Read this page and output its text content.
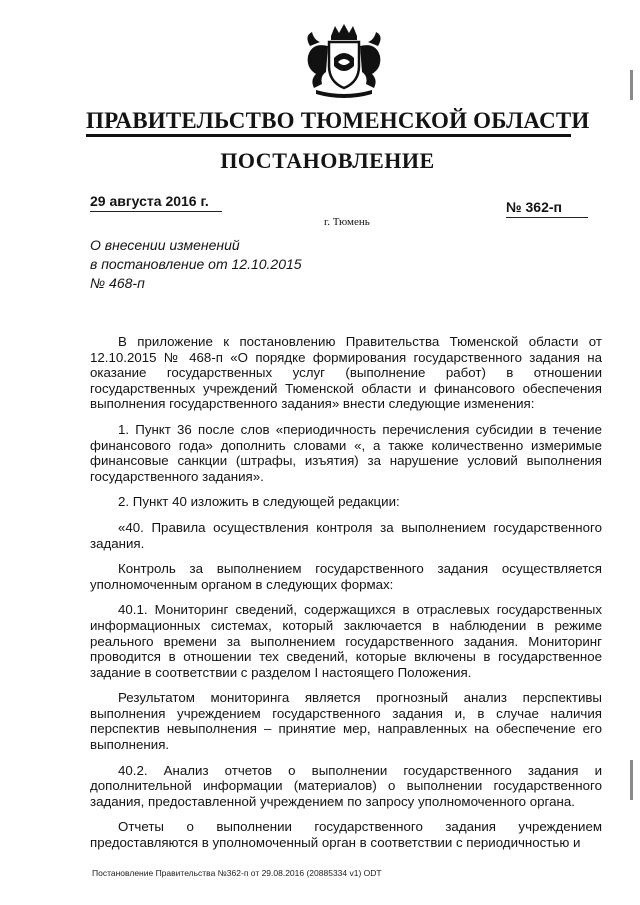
ПРАВИТЕЛЬСТВО ТЮМЕНСКОЙ ОБЛАСТИ
ПОСТАНОВЛЕНИЕ
29 августа 2016 г.	№ 362-п
г. Тюмень
О внесении изменений
в постановление от 12.10.2015
№ 468-п

В приложение к постановлению Правительства Тюменской области от 12.10.2015 № 468-п «О порядке формирования государственного задания на оказание государственных услуг (выполнение работ) в отношении государственных учреждений Тюменской области и финансового обеспечения выполнения государственного задания» внести следующие изменения:

1. Пункт 36 после слов «периодичность перечисления субсидии в течение финансового года» дополнить словами «, а также количественно измеримые финансовые санкции (штрафы, изъятия) за нарушение условий выполнения государственного задания».

2. Пункт 40 изложить в следующей редакции:

«40. Правила осуществления контроля за выполнением государственного задания.

Контроль за выполнением государственного задания осуществляется уполномоченным органом в следующих формах:

40.1. Мониторинг сведений, содержащихся в отраслевых государственных информационных системах, который заключается в наблюдении в режиме реального времени за выполнением государственного задания. Мониторинг проводится в отношении тех сведений, которые включены в государственное задание в соответствии с разделом I настоящего Положения.

Результатом мониторинга является прогнозный анализ перспективы выполнения учреждением государственного задания и, в случае наличия перспектив невыполнения – принятие мер, направленных на обеспечение его выполнения.

40.2. Анализ отчетов о выполнении государственного задания и дополнительной информации (материалов) о выполнении государственного задания, предоставленной учреждением по запросу уполномоченного органа.

Отчеты о выполнении государственного задания учреждением предоставляются в уполномоченный орган в соответствии с периодичностью и

Постановление Правительства №362-п от 29.08.2016 (20885334 v1) ODT
